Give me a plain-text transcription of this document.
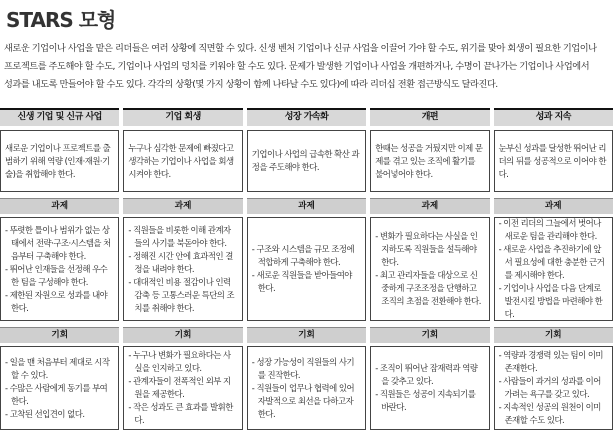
STARS 모형

새로운 기업이나 사업을 맡은 리더들은 여러 상황에 직면할 수 있다. 신생 벤처 기업이나 신규 사업을 이끌어 가야 할 수도, 위기를 맞아 회생이 필요한 기업이나

프로젝트를 주도해야 할 수도, 기업이나 사업의 덩치를 키워야 할 수도 있다. 문제가 발생한 기업이나 사업을 개편하거나, 수명이 끝나가는 기업이나 사업에서

성과를 내도록 만들어야 할 수도 있다. 각각의 상황(몇 가지 상황이 함께 나타날 수도 있다)에 따라 리더십 전환 접근방식도 달라진다.

신생 기업 및 신규 사업
새로운 기업이나 프로젝트를 출범하기 위해 역량 (인재·재원·기술)을 취합해야 한다.
과제
- 뚜렷한 틀이나 범위가 없는 상태에서 전략·구조·시스템을 처음부터 구축해야 한다.
- 뛰어난 인재들을 선정해 우수한 팀을 구성해야 한다.
- 제한된 자원으로 성과를 내야 한다.
기회
- 일을 맨 처음부터 제대로 시작할 수 있다.
- 수많은 사람에게 동기를 부여한다.
- 고착된 선입견이 없다.
기업 회생
누구나 심각한 문제에 빠졌다고 생각하는 기업이나 사업을 회생시켜야 한다.
과제
- 직원들을 비롯한 이해 관계자들의 사기를 북돋아야 한다.
- 정해진 시간 안에 효과적인 결정을 내려야 한다.
- 대대적인 비용 절감이나 인력 감축 등 고통스러운 특단의 조치를 취해야 한다.
기회
- 누구나 변화가 필요하다는 사실을 인지하고 있다.
- 관계자들이 전폭적인 외부 지원을 제공한다.
- 작은 성과도 큰 효과를 발휘한다.
성장 가속화
기업이나 사업의 급속한 확산 과정을 주도해야 한다.
과제
- 구조와 시스템을 규모 조정에 적합하게 구축해야 한다.
- 새로운 직원들을 받아들여야 한다.
기회
- 성장 가능성이 직원들의 사기를 진작한다.
- 직원들이 업무나 협력에 있어 자발적으로 최선을 다하고자 한다.
개편
한때는 성공을 거뒀지만 이제 문제를 겪고 있는 조직에 활기를 불어넣어야 한다.
과제
- 변화가 필요하다는 사실을 인지하도록 직원들을 설득해야 한다.
- 최고 관리자들을 대상으로 신중하게 구조조정을 단행하고 조직의 초점을 전환해야 한다.
기회
- 조직이 뛰어난 잠재력과 역량을 갖추고 있다.
- 직원들은 성공이 지속되기를 바란다.
성과 지속
눈부신 성과를 달성한 뛰어난 리더의 뒤를 성공적으로 이어야 한다.
과제
- 이전 리더의 그늘에서 벗어나 새로운 팀을 관리해야 한다.
- 새로운 사업을 추진하기에 앞서 필요성에 대한 충분한 근거를 제시해야 한다.
- 기업이나 사업을 다음 단계로 발전시킬 방법을 마련해야 한다.
기회
- 역량과 경쟁력 있는 팀이 이미 존재한다.
- 사람들이 과거의 성과를 이어가려는 욕구를 갖고 있다.
- 지속적인 성공의 원천이 이미 존재할 수도 있다.
